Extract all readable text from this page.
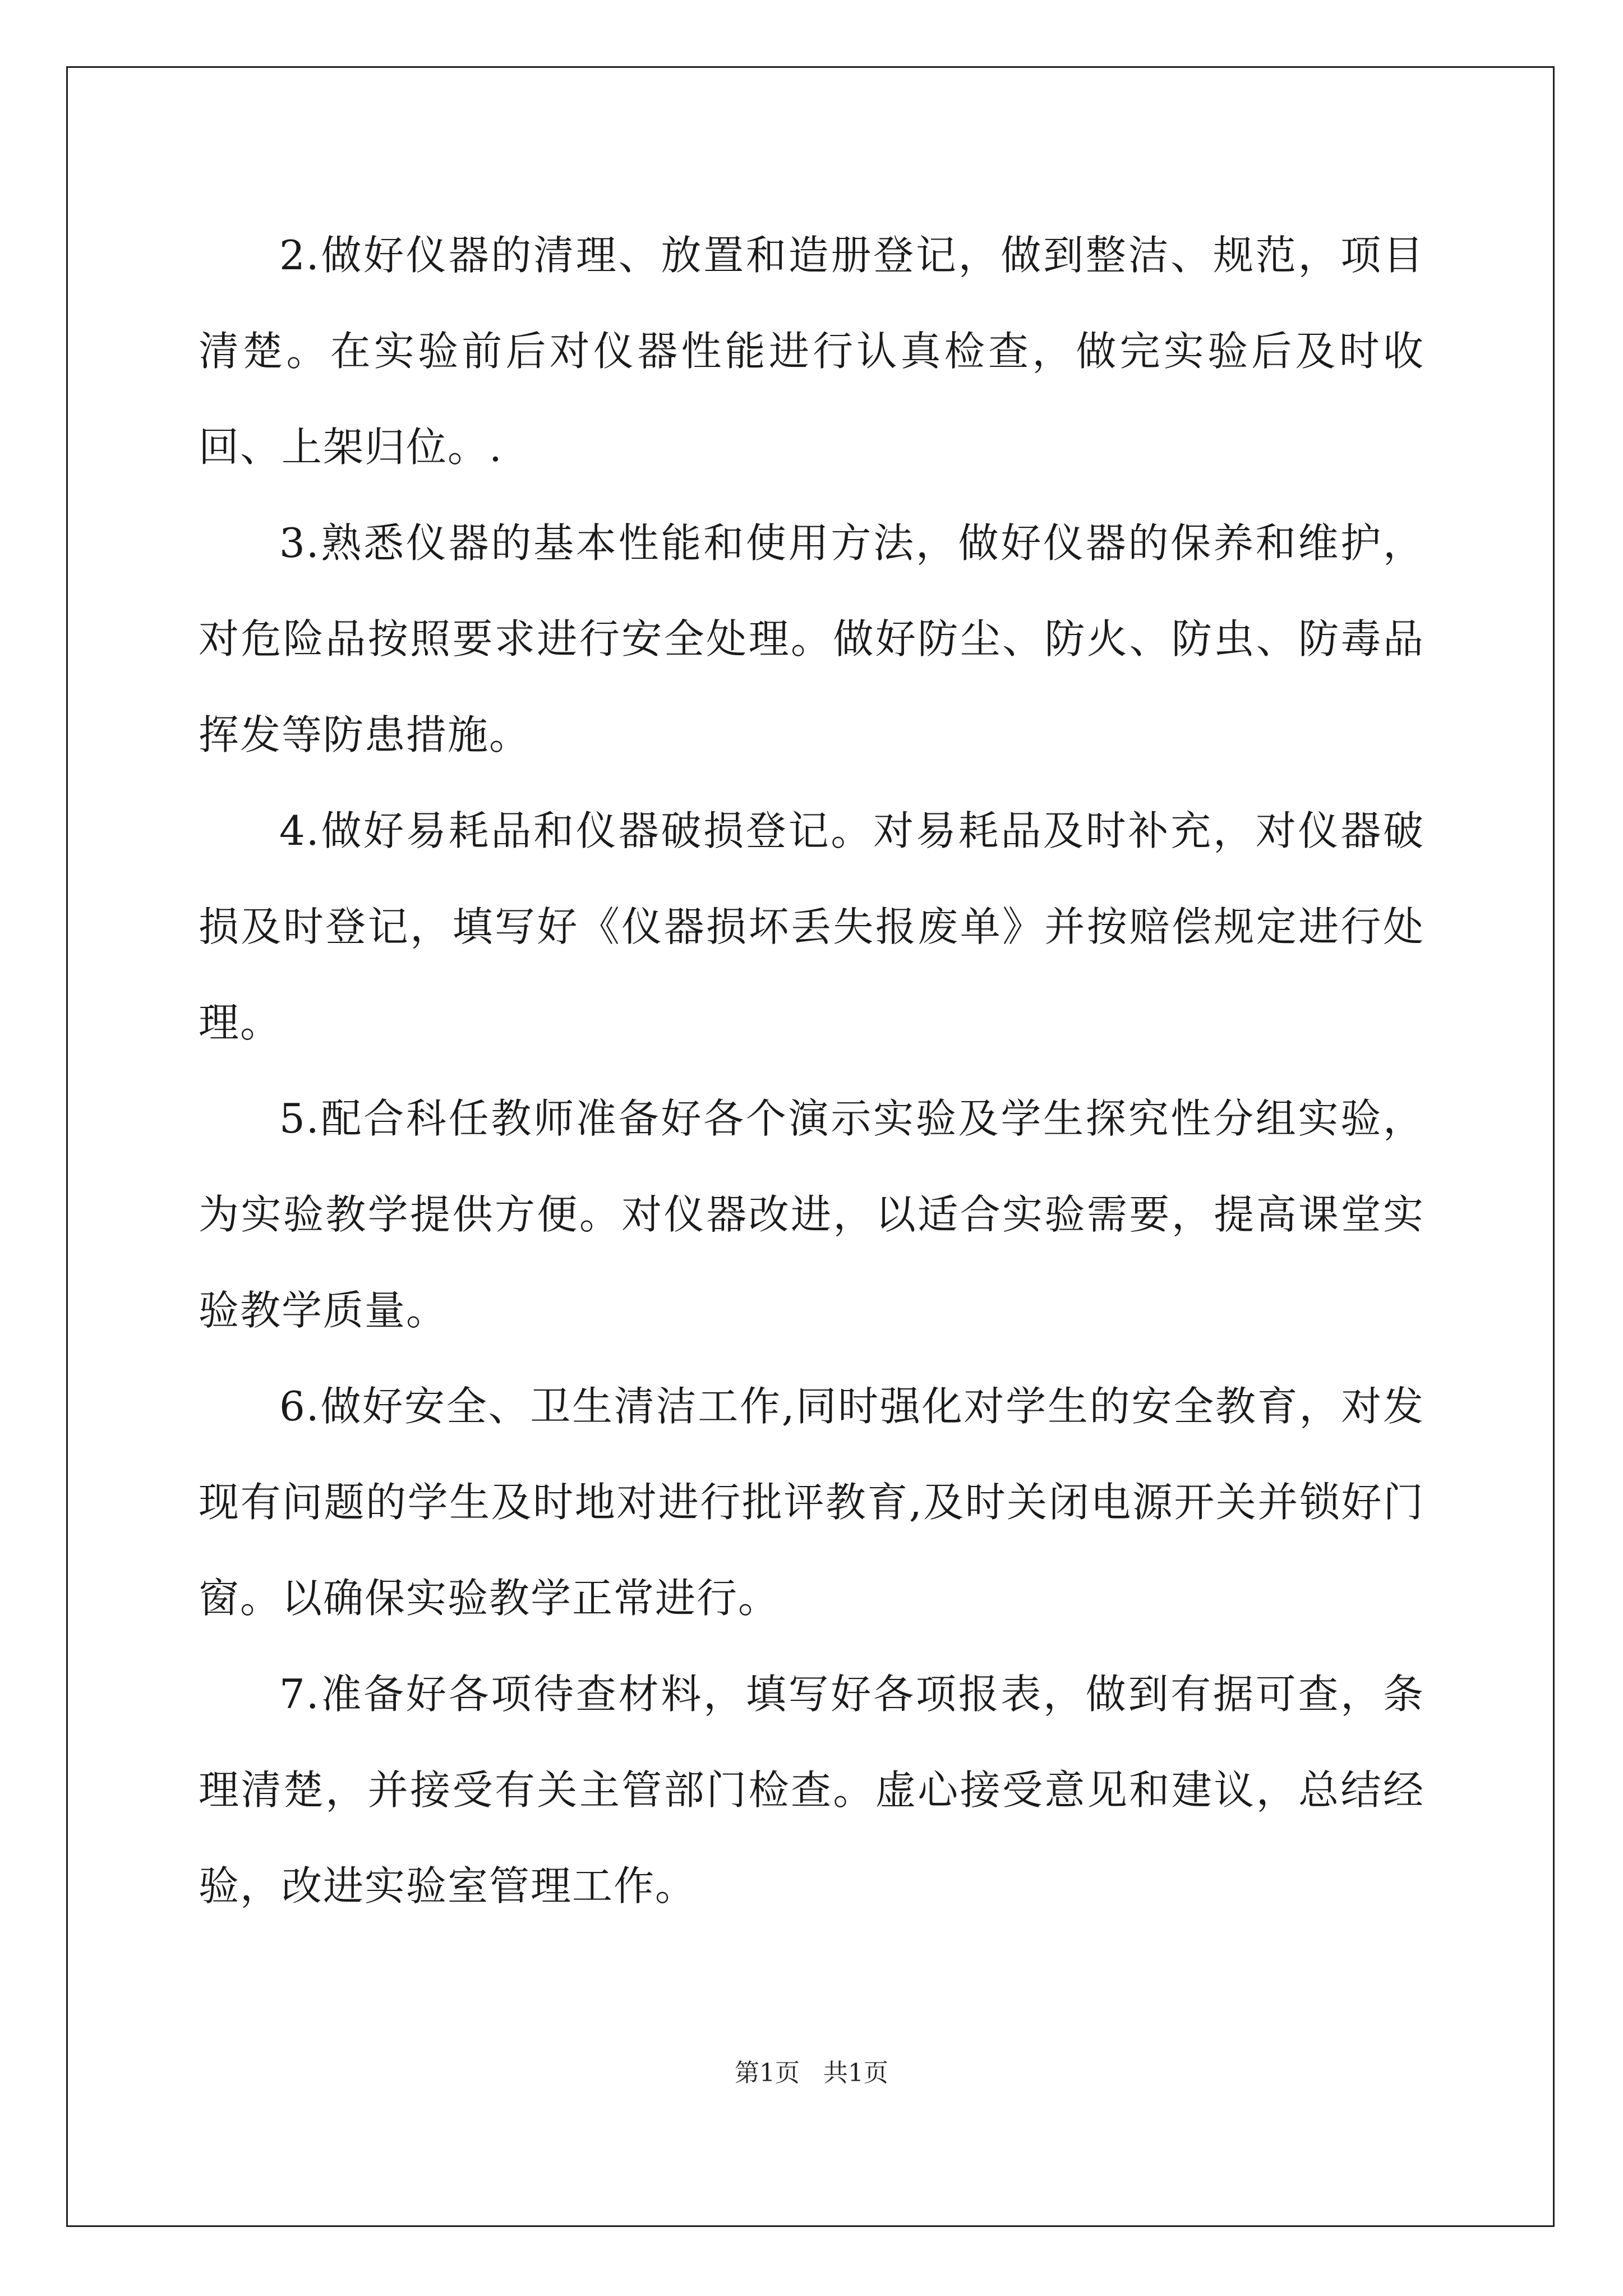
2.做好仪器的清理、放置和造册登记，做到整洁、规范，项目清楚。在实验前后对仪器性能进行认真检查，做完实验后及时收回、上架归位。.

3.熟悉仪器的基本性能和使用方法，做好仪器的保养和维护，对危险品按照要求进行安全处理。做好防尘、防火、防虫、防毒品挥发等防患措施。

4.做好易耗品和仪器破损登记。对易耗品及时补充，对仪器破损及时登记，填写好《仪器损坏丢失报废单》并按赔偿规定进行处理。

5.配合科任教师准备好各个演示实验及学生探究性分组实验，为实验教学提供方便。对仪器改进，以适合实验需要，提高课堂实验教学质量。

6.做好安全、卫生清洁工作,同时强化对学生的安全教育，对发现有问题的学生及时地对进行批评教育,及时关闭电源开关并锁好门窗。以确保实验教学正常进行。

7.准备好各项待查材料，填写好各项报表，做到有据可查，条理清楚，并接受有关主管部门检查。虚心接受意见和建议，总结经验，改进实验室管理工作。

第1页 共1页
